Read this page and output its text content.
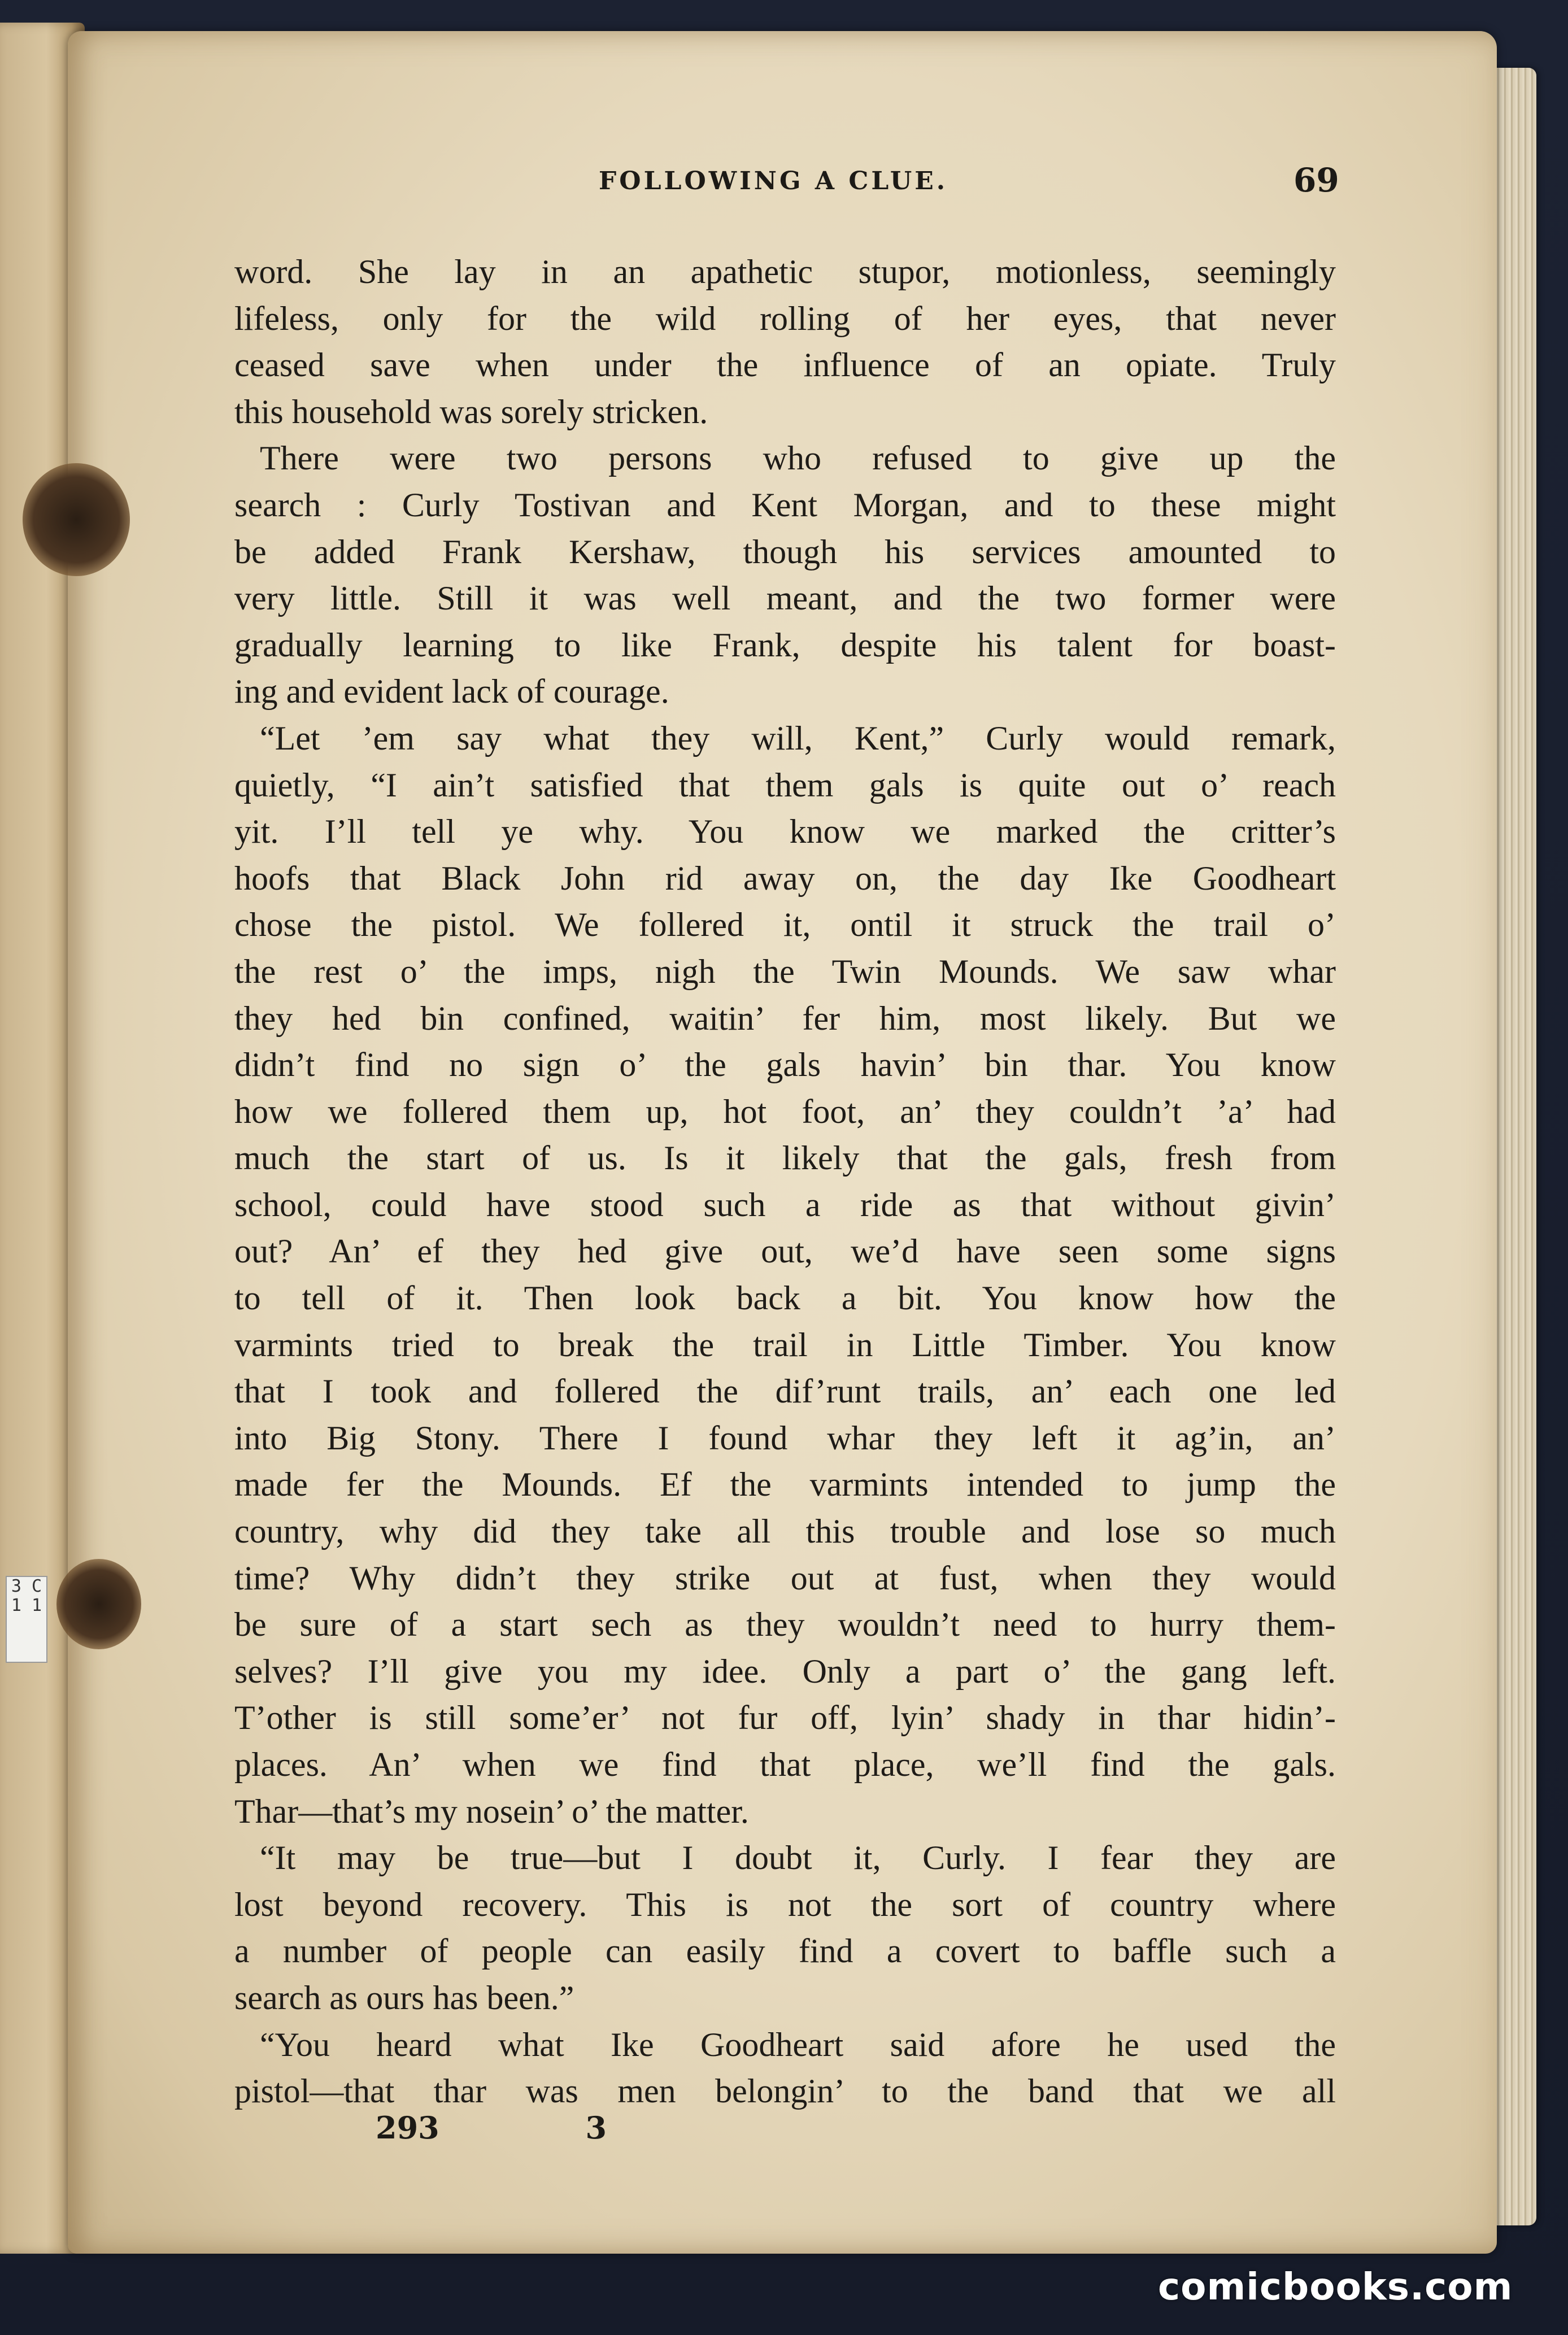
3 C 1 1
FOLLOWING A CLUE.	69
word. She lay in an apathetic stupor, motionless, seemingly
lifeless, only for the wild rolling of her eyes, that never
ceased save when under the influence of an opiate. Truly
this household was sorely stricken.
There were two persons who refused to give up the
search : Curly Tostivan and Kent Morgan, and to these might
be added Frank Kershaw, though his services amounted to
very little. Still it was well meant, and the two former were
gradually learning to like Frank, despite his talent for boast-
ing and evident lack of courage.
“Let ’em say what they will, Kent,” Curly would remark,
quietly, “I ain’t satisfied that them gals is quite out o’ reach
yit. I’ll tell ye why. You know we marked the critter’s
hoofs that Black John rid away on, the day Ike Goodheart
chose the pistol. We follered it, ontil it struck the trail o’
the rest o’ the imps, nigh the Twin Mounds. We saw whar
they hed bin confined, waitin’ fer him, most likely. But we
didn’t find no sign o’ the gals havin’ bin thar. You know
how we follered them up, hot foot, an’ they couldn’t ’a’ had
much the start of us. Is it likely that the gals, fresh from
school, could have stood such a ride as that without givin’
out? An’ ef they hed give out, we’d have seen some signs
to tell of it. Then look back a bit. You know how the
varmints tried to break the trail in Little Timber. You know
that I took and follered the dif’runt trails, an’ each one led
into Big Stony. There I found whar they left it ag’in, an’
made fer the Mounds. Ef the varmints intended to jump the
country, why did they take all this trouble and lose so much
time? Why didn’t they strike out at fust, when they would
be sure of a start sech as they wouldn’t need to hurry them-
selves? I’ll give you my idee. Only a part o’ the gang left.
T’other is still some’er’ not fur off, lyin’ shady in thar hidin’-
places. An’ when we find that place, we’ll find the gals.
Thar—that’s my nosein’ o’ the matter.
“It may be true—but I doubt it, Curly. I fear they are
lost beyond recovery. This is not the sort of country where
a number of people can easily find a covert to baffle such a
search as ours has been.”
“You heard what Ike Goodheart said afore he used the
pistol—that thar was men belongin’ to the band that we all
293	3
comicbooks.com
